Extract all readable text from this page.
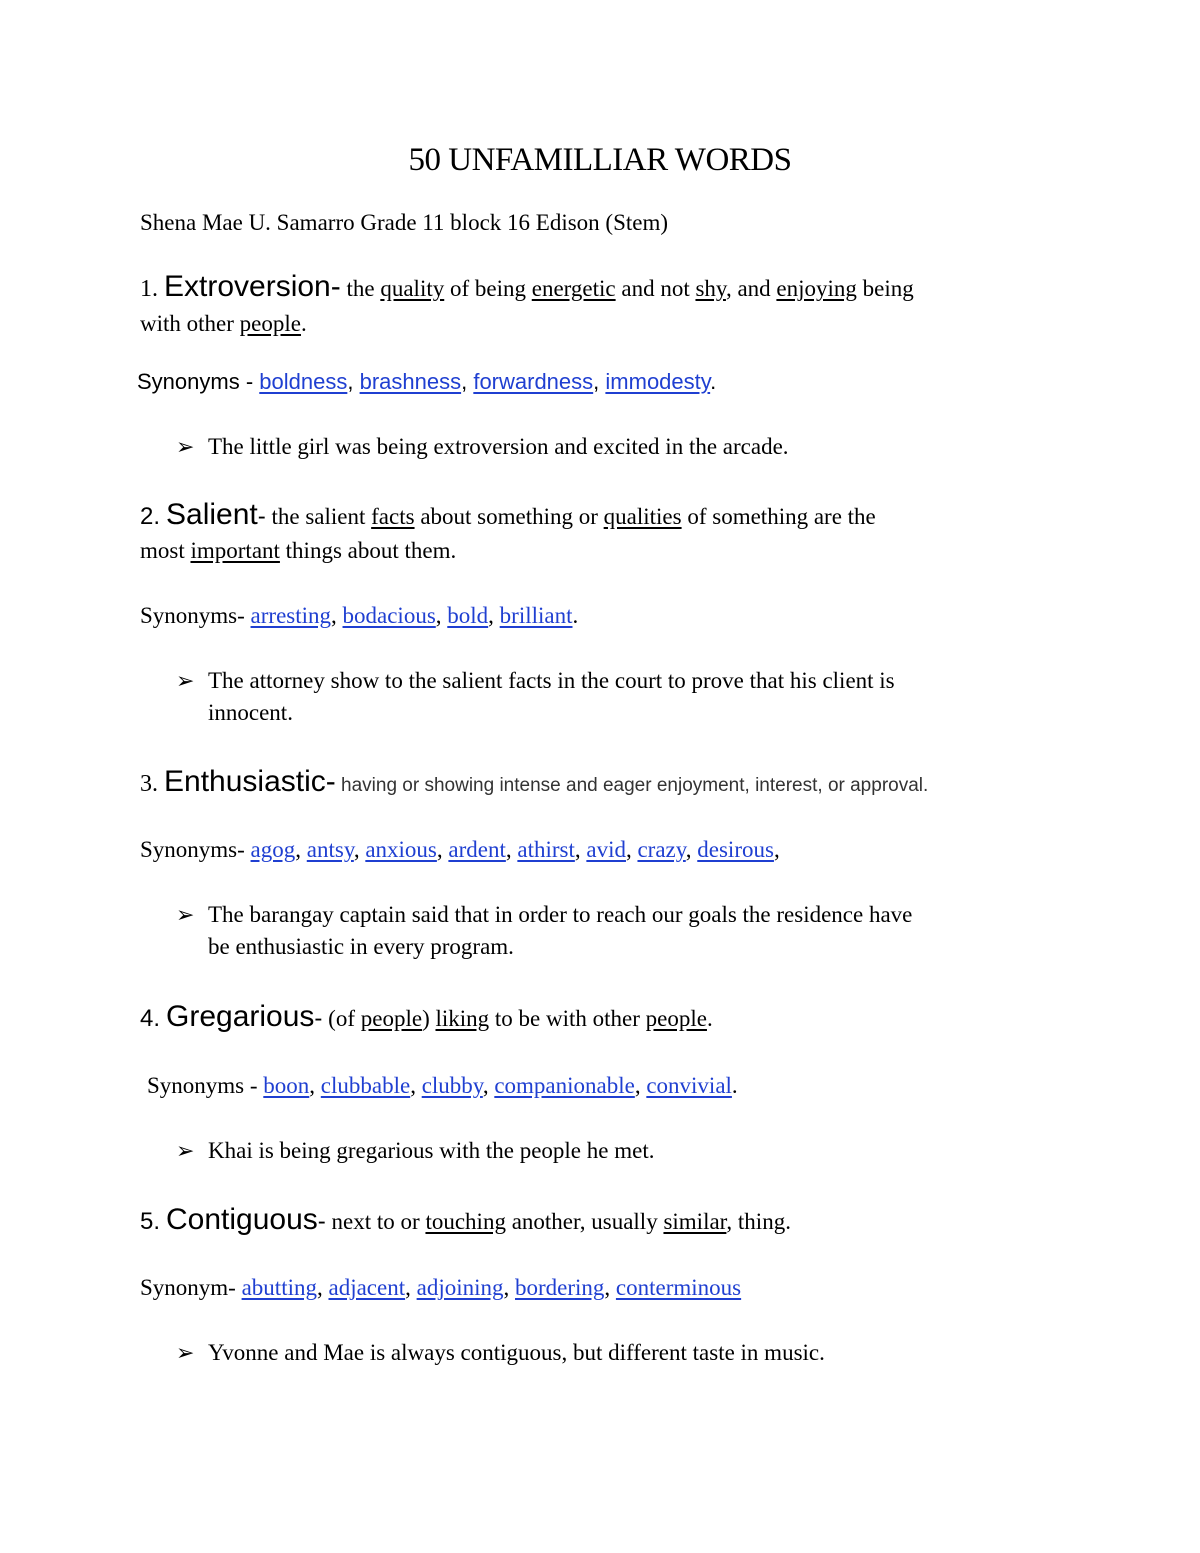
50 UNFAMILLIAR WORDS
Shena Mae U. Samarro Grade 11 block 16 Edison (Stem)
1. Extroversion- the quality of being energetic and not shy, and enjoying being
with other people.
Synonyms - boldness, brashness, forwardness, immodesty.
➢ The little girl was being extroversion and excited in the arcade.
2. Salient- the salient facts about something or qualities of something are the
most important things about them.
Synonyms- arresting, bodacious, bold, brilliant.
➢ The attorney show to the salient facts in the court to prove that his client is
innocent.
3. Enthusiastic- having or showing intense and eager enjoyment, interest, or approval.
Synonyms- agog, antsy, anxious, ardent, athirst, avid, crazy, desirous,
➢ The barangay captain said that in order to reach our goals the residence have
be enthusiastic in every program.
4. Gregarious- (of people) liking to be with other people.
Synonyms - boon, clubbable, clubby, companionable, convivial.
➢ Khai is being gregarious with the people he met.
5. Contiguous- next to or touching another, usually similar, thing.
Synonym- abutting, adjacent, adjoining, bordering, conterminous
➢ Yvonne and Mae is always contiguous, but different taste in music.
